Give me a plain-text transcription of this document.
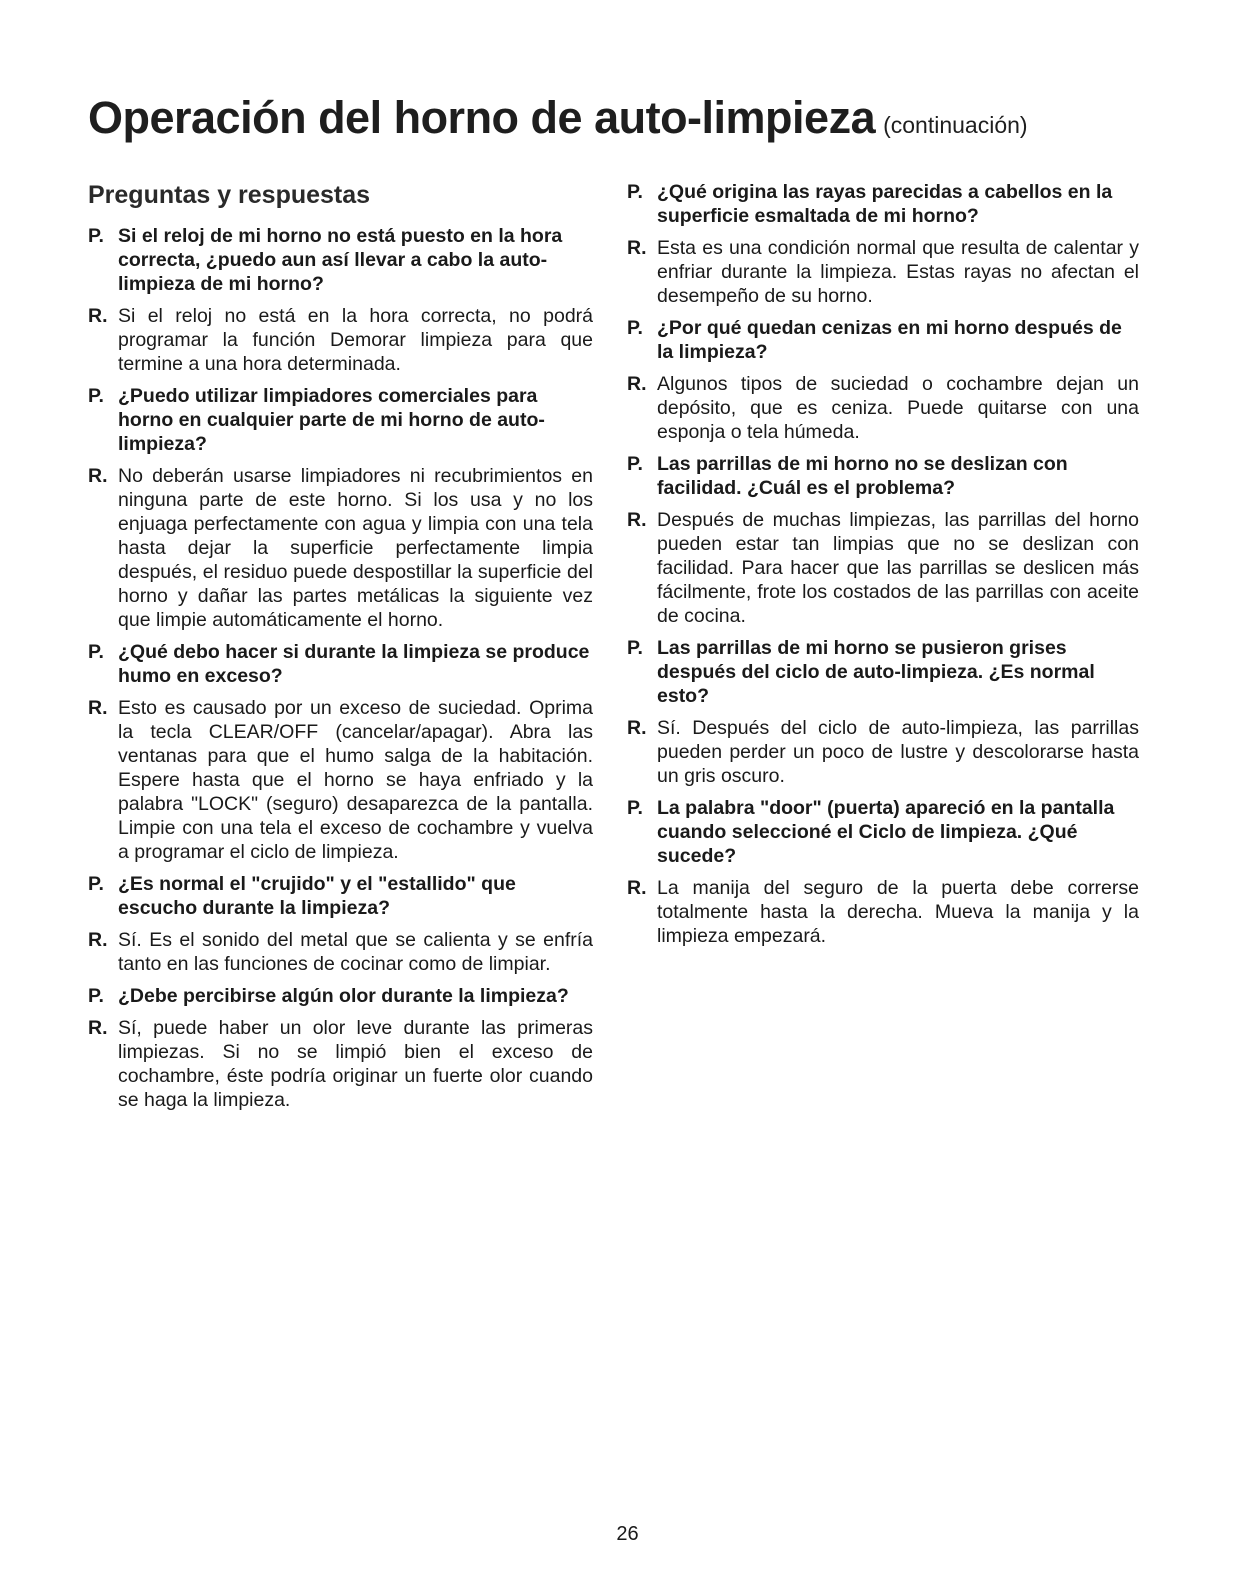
Operación del horno de auto-limpieza (continuación)
Preguntas y respuestas
P. Si el reloj de mi horno no está puesto en la hora correcta, ¿puedo aun así llevar a cabo la auto-limpieza de mi horno?
R. Si el reloj no está en la hora correcta, no podrá programar la función Demorar limpieza para que termine a una hora determinada.
P. ¿Puedo utilizar limpiadores comerciales para horno en cualquier parte de mi horno de auto-limpieza?
R. No deberán usarse limpiadores ni recubrimientos en ninguna parte de este horno. Si los usa y no los enjuaga perfectamente con agua y limpia con una tela hasta dejar la superficie perfectamente limpia después, el residuo puede despostillar la superficie del horno y dañar las partes metálicas la siguiente vez que limpie automáticamente el horno.
P. ¿Qué debo hacer si durante la limpieza se produce humo en exceso?
R. Esto es causado por un exceso de suciedad. Oprima la tecla CLEAR/OFF (cancelar/apagar). Abra las ventanas para que el humo salga de la habitación. Espere hasta que el horno se haya enfriado y la palabra "LOCK" (seguro) desaparezca de la pantalla. Limpie con una tela el exceso de cochambre y vuelva a programar el ciclo de limpieza.
P. ¿Es normal el "crujido" y el "estallido" que escucho durante la limpieza?
R. Sí. Es el sonido del metal que se calienta y se enfría tanto en las funciones de cocinar como de limpiar.
P. ¿Debe percibirse algún olor durante la limpieza?
R. Sí, puede haber un olor leve durante las primeras limpiezas. Si no se limpió bien el exceso de cochambre, éste podría originar un fuerte olor cuando se haga la limpieza.
P. ¿Qué origina las rayas parecidas a cabellos en la superficie esmaltada de mi horno?
R. Esta es una condición normal que resulta de calentar y enfriar durante la limpieza. Estas rayas no afectan el desempeño de su horno.
P. ¿Por qué quedan cenizas en mi horno después de la limpieza?
R. Algunos tipos de suciedad o cochambre dejan un depósito, que es ceniza. Puede quitarse con una esponja o tela húmeda.
P. Las parrillas de mi horno no se deslizan con facilidad. ¿Cuál es el problema?
R. Después de muchas limpiezas, las parrillas del horno pueden estar tan limpias que no se deslizan con facilidad. Para hacer que las parrillas se deslicen más fácilmente, frote los costados de las parrillas con aceite de cocina.
P. Las parrillas de mi horno se pusieron grises después del ciclo de auto-limpieza. ¿Es normal esto?
R. Sí. Después del ciclo de auto-limpieza, las parrillas pueden perder un poco de lustre y descolorarse hasta un gris oscuro.
P. La palabra "door" (puerta) apareció en la pantalla cuando seleccioné el Ciclo de limpieza. ¿Qué sucede?
R. La manija del seguro de la puerta debe correrse totalmente hasta la derecha. Mueva la manija y la limpieza empezará.
26
